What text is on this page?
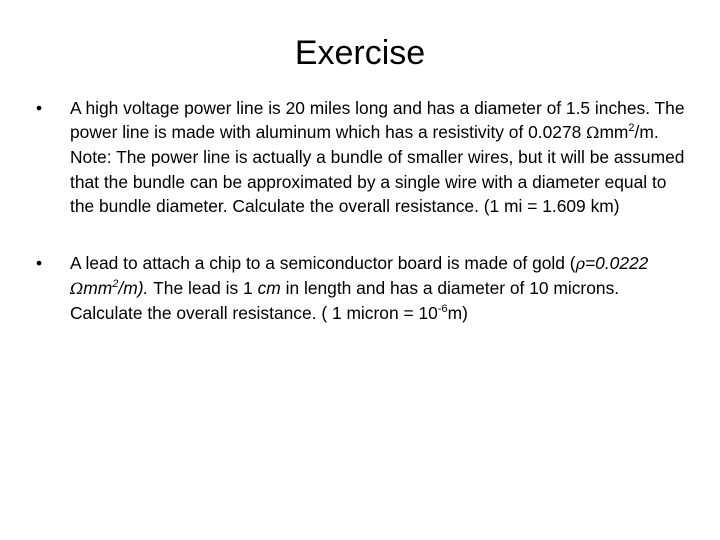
Exercise
•	A high voltage power line is 20 miles long and has a diameter of 1.5 inches. The power line is made with aluminum which has a resistivity of 0.0278 Ωmm$^2$/m. Note: The power line is actually a bundle of smaller wires, but it will be assumed that the bundle can be approximated by a single wire with a diameter equal to the bundle diameter. Calculate the overall resistance. (1 mi = 1.609 km)
•	A lead to attach a chip to a semiconductor board is made of gold (ρ=0.0222 Ωmm$^2$/m). The lead is 1 cm in length and has a diameter of 10 microns. Calculate the overall resistance. ( 1 micron = $10^{-6}m$)
